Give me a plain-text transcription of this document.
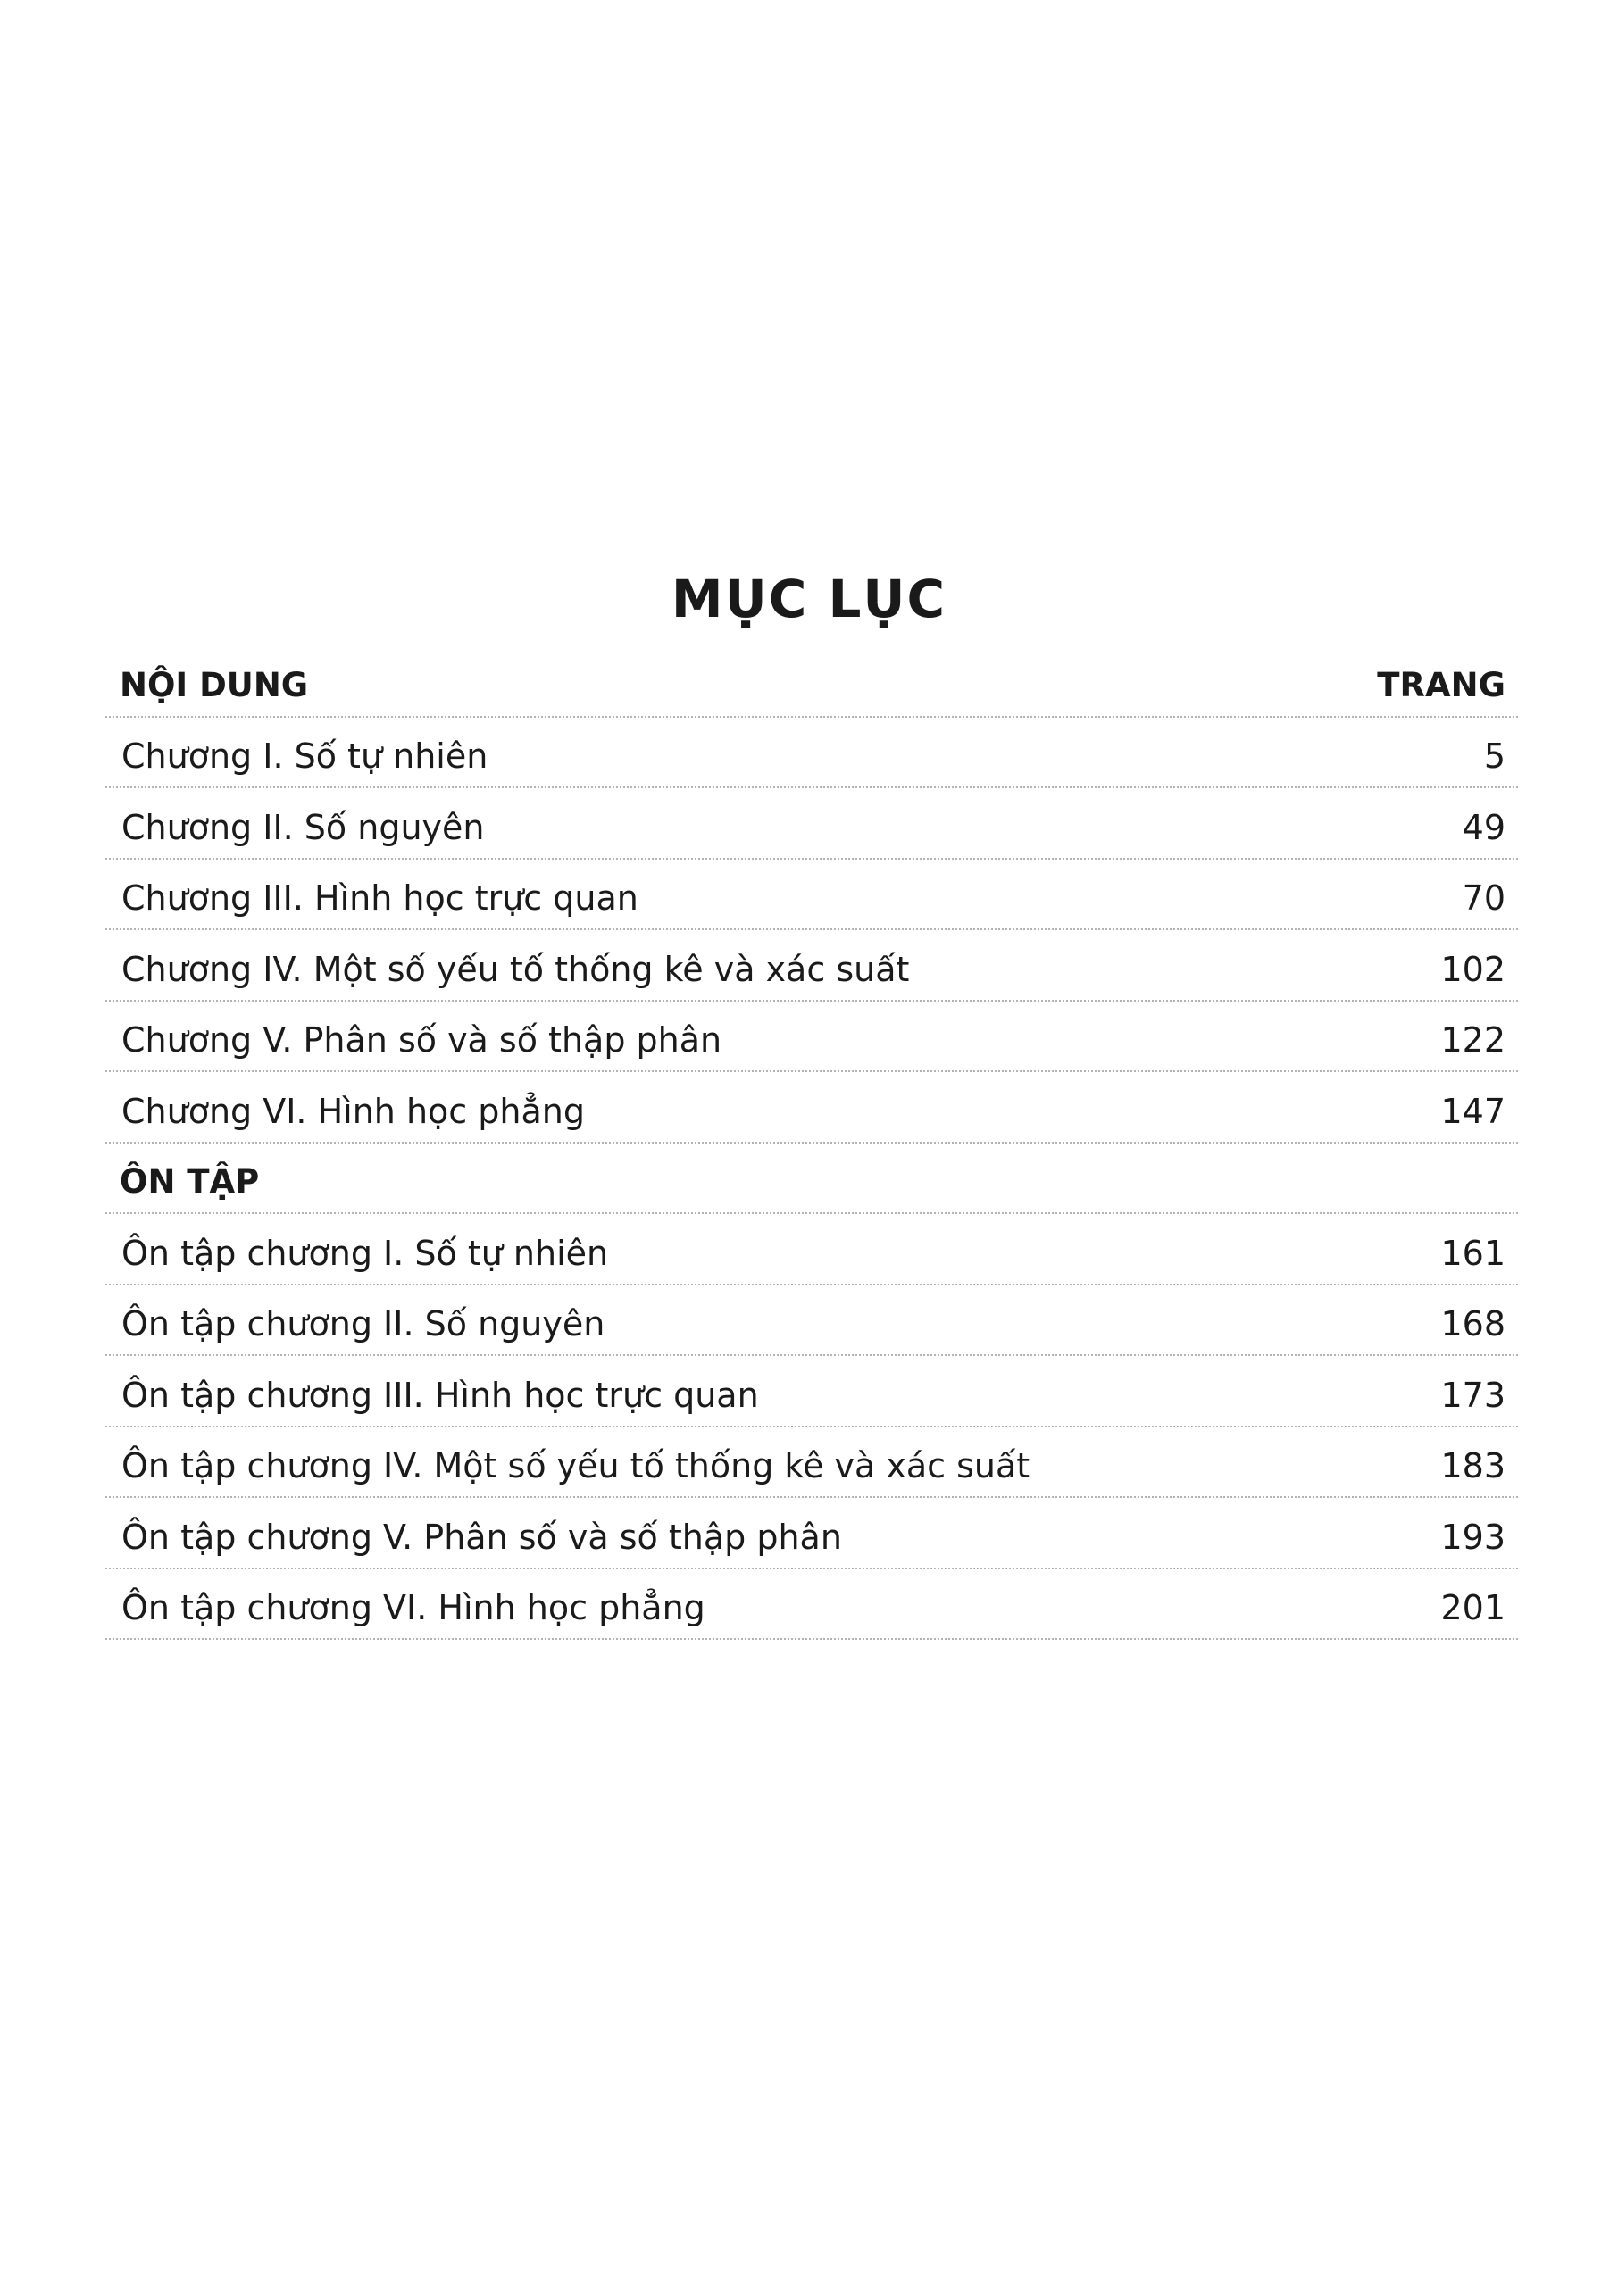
MỤC LỤC
NỘI DUNG	TRANG
Chương I. Số tự nhiên	5
Chương II. Số nguyên	49
Chương III. Hình học trực quan	70
Chương IV. Một số yếu tố thống kê và xác suất	102
Chương V. Phân số và số thập phân	122
Chương VI. Hình học phẳng	147
ÔN TẬP
Ôn tập chương I. Số tự nhiên	161
Ôn tập chương II. Số nguyên	168
Ôn tập chương III. Hình học trực quan	173
Ôn tập chương IV. Một số yếu tố thống kê và xác suất	183
Ôn tập chương V. Phân số và số thập phân	193
Ôn tập chương VI. Hình học phẳng	201
